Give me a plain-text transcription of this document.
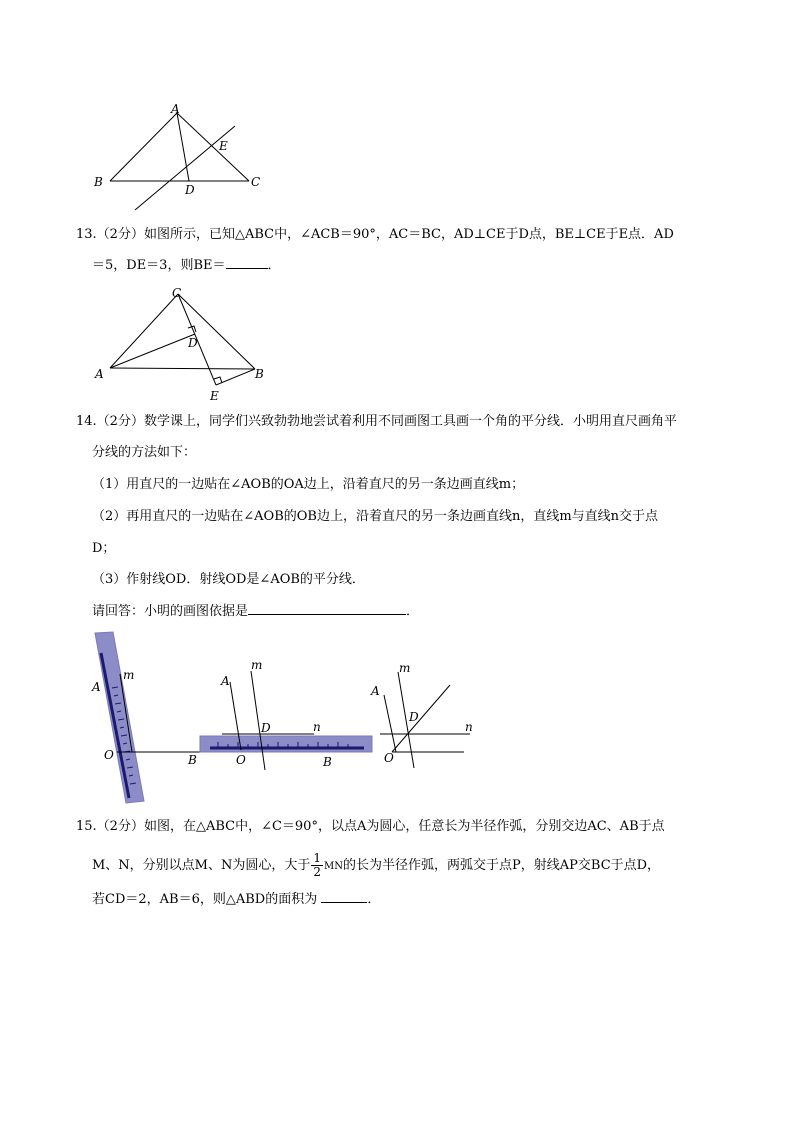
A
B	C
D
E
13.（2分）如图所示，已知△ABC中，∠ACB＝90°，AC＝BC，AD⊥CE于D点，BE⊥CE于E点．AD
＝5，DE＝3，则BE＝	．
C
D
A	B
E
14.（2分）数学课上，同学们兴致勃勃地尝试着利用不同画图工具画一个角的平分线．小明用直尺画角平
分线的方法如下：
（1）用直尺的一边贴在∠AOB的OA边上，沿着直尺的另一条边画直线m；
（2）再用直尺的一边贴在∠AOB的OB边上，沿着直尺的另一条边画直线n，直线m与直线n交于点
D；
（3）作射线OD．射线OD是∠AOB的平分线．
请回答：小明的画图依据是	．
A
m
O	B
A
m
D	n
O	B
A
m
D
n
O
15.（2分）如图，在△ABC中，∠C＝90°，以点A为圆心，任意长为半径作弧，分别交边AC、AB于点
M、N，分别以点M、N为圆心，大于 $\frac{1}{2}$ MN的长为半径作弧，两弧交于点P，射线AP交BC于点D，
若CD＝2，AB＝6，则△ABD的面积为	．
